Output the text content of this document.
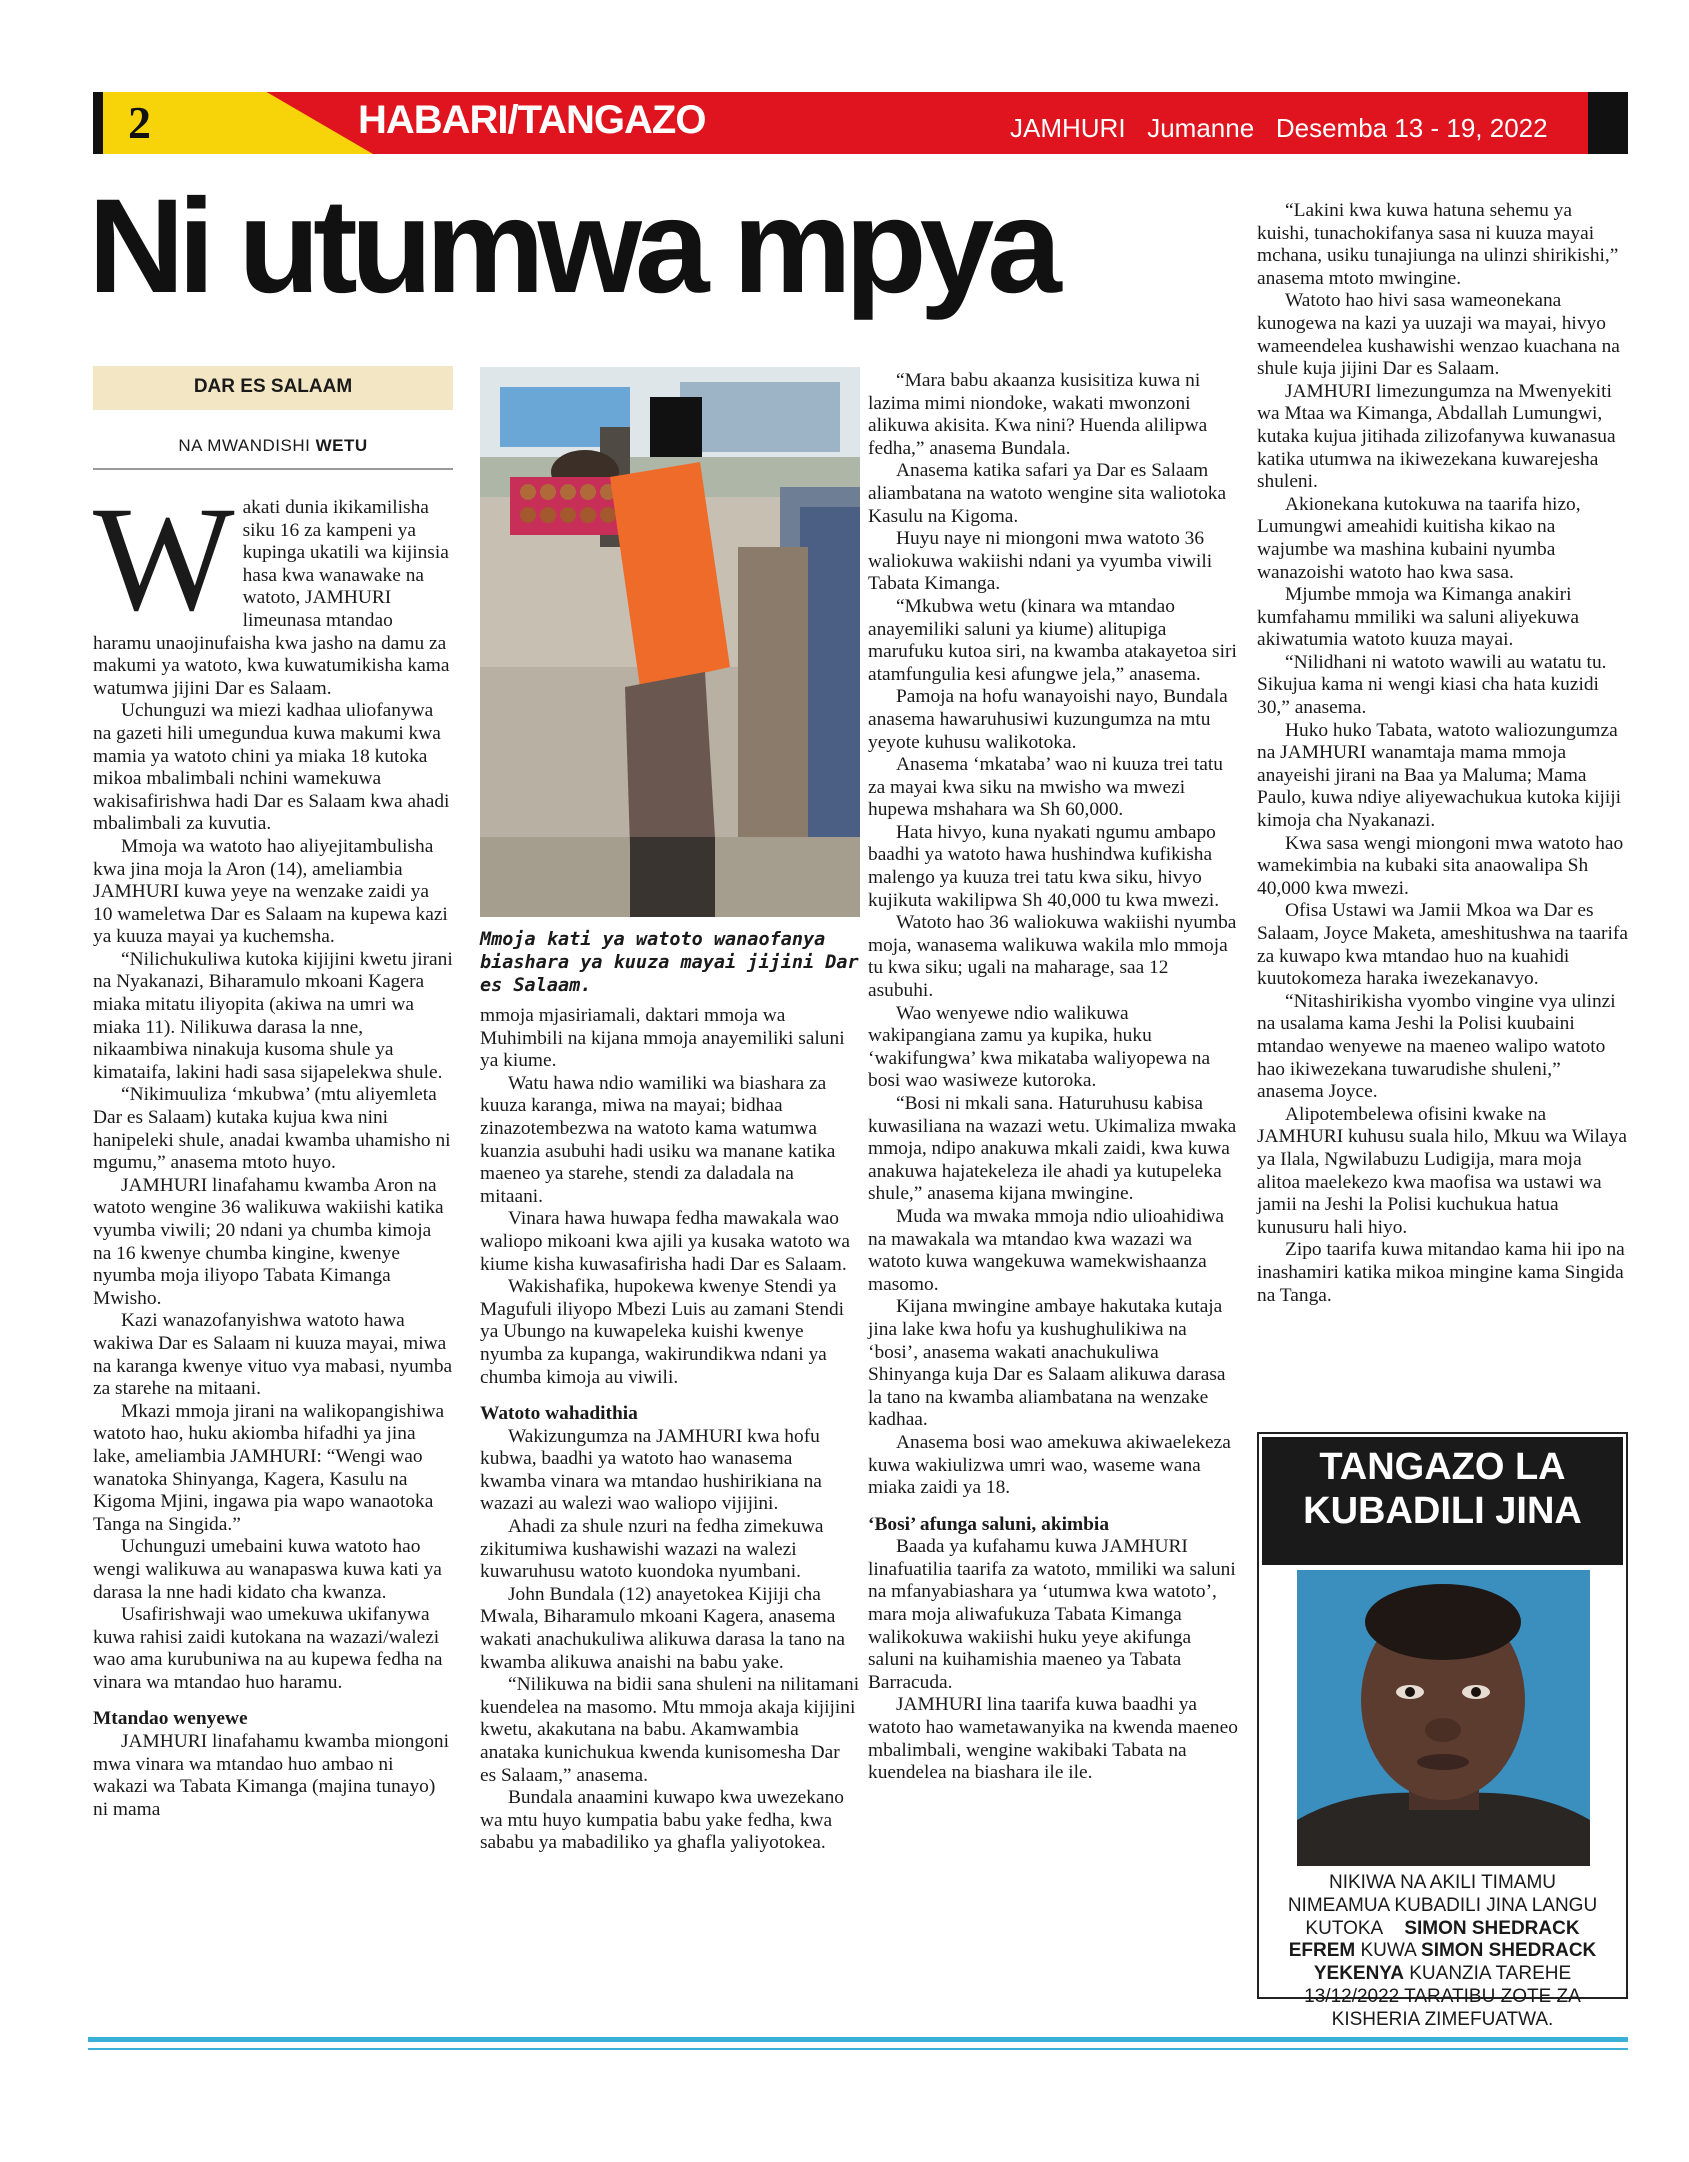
2	HABARI/TANGAZO	JAMHURI   Jumanne   Desemba 13 - 19, 2022
Ni utumwa mpya
DAR ES SALAAM
NA MWANDISHI WETU

Wakati dunia ikikamilisha siku 16 za kampeni ya kupinga ukatili wa kijinsia hasa kwa wanawake na watoto, JAMHURI limeunasa mtandao haramu unaojinufaisha kwa jasho na damu za makumi ya watoto, kwa kuwatumikisha kama watumwa jijini Dar es Salaam.

Uchunguzi wa miezi kadhaa uliofanywa na gazeti hili umegundua kuwa makumi kwa mamia ya watoto chini ya miaka 18 kutoka mikoa mbalimbali nchini wamekuwa wakisafirishwa hadi Dar es Salaam kwa ahadi mbalimbali za kuvutia.

Mmoja wa watoto hao aliyejitambulisha kwa jina moja la Aron (14), ameliambia JAMHURI kuwa yeye na wenzake zaidi ya 10 wameletwa Dar es Salaam na kupewa kazi ya kuuza mayai ya kuchemsha.

“Nilichukuliwa kutoka kijijini kwetu jirani na Nyakanazi, Biharamulo mkoani Kagera miaka mitatu iliyopita (akiwa na umri wa miaka 11). Nilikuwa darasa la nne, nikaambiwa ninakuja kusoma shule ya kimataifa, lakini hadi sasa sijapelekwa shule.

“Nikimuuliza ‘mkubwa’ (mtu aliyemleta Dar es Salaam) kutaka kujua kwa nini hanipeleki shule, anadai kwamba uhamisho ni mgumu,” anasema mtoto huyo.

JAMHURI linafahamu kwamba Aron na watoto wengine 36 walikuwa wakiishi katika vyumba viwili; 20 ndani ya chumba kimoja na 16 kwenye chumba kingine, kwenye nyumba moja iliyopo Tabata Kimanga Mwisho.

Kazi wanazofanyishwa watoto hawa wakiwa Dar es Salaam ni kuuza mayai, miwa na karanga kwenye vituo vya mabasi, nyumba za starehe na mitaani.

Mkazi mmoja jirani na walikopangishiwa watoto hao, huku akiomba hifadhi ya jina lake, ameliambia JAMHURI: “Wengi wao wanatoka Shinyanga, Kagera, Kasulu na Kigoma Mjini, ingawa pia wapo wanaotoka Tanga na Singida.”

Uchunguzi umebaini kuwa watoto hao wengi walikuwa au wanapaswa kuwa kati ya darasa la nne hadi kidato cha kwanza.

Usafirishwaji wao umekuwa ukifanywa kuwa rahisi zaidi kutokana na wazazi/walezi wao ama kurubuniwa na au kupewa fedha na vinara wa mtandao huo haramu.

Mtandao wenyewe

JAMHURI linafahamu kwamba miongoni mwa vinara wa mtandao huo ambao ni wakazi wa Tabata Kimanga (majina tunayo) ni mama

Mmoja kati ya watoto wanaofanya biashara ya kuuza mayai jijini Dar es Salaam.

mmoja mjasiriamali, daktari mmoja wa Muhimbili na kijana mmoja anayemiliki saluni ya kiume.

Watu hawa ndio wamiliki wa biashara za kuuza karanga, miwa na mayai; bidhaa zinazotembezwa na watoto kama watumwa kuanzia asubuhi hadi usiku wa manane katika maeneo ya starehe, stendi za daladala na mitaani.

Vinara hawa huwapa fedha mawakala wao waliopo mikoani kwa ajili ya kusaka watoto wa kiume kisha kuwasafirisha hadi Dar es Salaam.

Wakishafika, hupokewa kwenye Stendi ya Magufuli iliyopo Mbezi Luis au zamani Stendi ya Ubungo na kuwapeleka kuishi kwenye nyumba za kupanga, wakirundikwa ndani ya chumba kimoja au viwili.

Watoto wahadithia

Wakizungumza na JAMHURI kwa hofu kubwa, baadhi ya watoto hao wanasema kwamba vinara wa mtandao hushirikiana na wazazi au walezi wao waliopo vijijini.

Ahadi za shule nzuri na fedha zimekuwa zikitumiwa kushawishi wazazi na walezi kuwaruhusu watoto kuondoka nyumbani.

John Bundala (12) anayetokea Kijiji cha Mwala, Biharamulo mkoani Kagera, anasema wakati anachukuliwa alikuwa darasa la tano na kwamba alikuwa anaishi na babu yake.

“Nilikuwa na bidii sana shuleni na nilitamani kuendelea na masomo. Mtu mmoja akaja kijijini kwetu, akakutana na babu. Akamwambia anataka kunichukua kwenda kunisomesha Dar es Salaam,” anasema.

Bundala anaamini kuwapo kwa uwezekano wa mtu huyo kumpatia babu yake fedha, kwa sababu ya mabadiliko ya ghafla yaliyotokea.

“Mara babu akaanza kusisitiza kuwa ni lazima mimi niondoke, wakati mwonzoni alikuwa akisita. Kwa nini? Huenda alilipwa fedha,” anasema Bundala.

Anasema katika safari ya Dar es Salaam aliambatana na watoto wengine sita waliotoka Kasulu na Kigoma.

Huyu naye ni miongoni mwa watoto 36 waliokuwa wakiishi ndani ya vyumba viwili Tabata Kimanga.

“Mkubwa wetu (kinara wa mtandao anayemiliki saluni ya kiume) alitupiga marufuku kutoa siri, na kwamba atakayetoa siri atamfungulia kesi afungwe jela,” anasema.

Pamoja na hofu wanayoishi nayo, Bundala anasema hawaruhusiwi kuzungumza na mtu yeyote kuhusu walikotoka.

Anasema ‘mkataba’ wao ni kuuza trei tatu za mayai kwa siku na mwisho wa mwezi hupewa mshahara wa Sh 60,000.

Hata hivyo, kuna nyakati ngumu ambapo baadhi ya watoto hawa hushindwa kufikisha malengo ya kuuza trei tatu kwa siku, hivyo kujikuta wakilipwa Sh 40,000 tu kwa mwezi.

Watoto hao 36 waliokuwa wakiishi nyumba moja, wanasema walikuwa wakila mlo mmoja tu kwa siku; ugali na maharage, saa 12 asubuhi.

Wao wenyewe ndio walikuwa wakipangiana zamu ya kupika, huku ‘wakifungwa’ kwa mikataba waliyopewa na bosi wao wasiweze kutoroka.

“Bosi ni mkali sana. Haturuhusu kabisa kuwasiliana na wazazi wetu. Ukimaliza mwaka mmoja, ndipo anakuwa mkali zaidi, kwa kuwa anakuwa hajatekeleza ile ahadi ya kutupeleka shule,” anasema kijana mwingine.

Muda wa mwaka mmoja ndio ulioahidiwa na mawakala wa mtandao kwa wazazi wa watoto kuwa wangekuwa wamekwishaanza masomo.

Kijana mwingine ambaye hakutaka kutaja jina lake kwa hofu ya kushughulikiwa na ‘bosi’, anasema wakati anachukuliwa Shinyanga kuja Dar es Salaam alikuwa darasa la tano na kwamba aliambatana na wenzake kadhaa.

Anasema bosi wao amekuwa akiwaelekeza kuwa wakiulizwa umri wao, waseme wana miaka zaidi ya 18.

‘Bosi’ afunga saluni, akimbia

Baada ya kufahamu kuwa JAMHURI linafuatilia taarifa za watoto, mmiliki wa saluni na mfanyabiashara ya ‘utumwa kwa watoto’, mara moja aliwafukuza Tabata Kimanga walikokuwa wakiishi huku yeye akifunga saluni na kuihamishia maeneo ya Tabata Barracuda.

JAMHURI lina taarifa kuwa baadhi ya watoto hao wametawanyika na kwenda maeneo mbalimbali, wengine wakibaki Tabata na kuendelea na biashara ile ile.

“Lakini kwa kuwa hatuna sehemu ya kuishi, tunachokifanya sasa ni kuuza mayai mchana, usiku tunajiunga na ulinzi shirikishi,” anasema mtoto mwingine.

Watoto hao hivi sasa wameonekana kunogewa na kazi ya uuzaji wa mayai, hivyo wameendelea kushawishi wenzao kuachana na shule kuja jijini Dar es Salaam.

JAMHURI limezungumza na Mwenyekiti wa Mtaa wa Kimanga, Abdallah Lumungwi, kutaka kujua jitihada zilizofanywa kuwanasua katika utumwa na ikiwezekana kuwarejesha shuleni.

Akionekana kutokuwa na taarifa hizo, Lumungwi ameahidi kuitisha kikao na wajumbe wa mashina kubaini nyumba wanazoishi watoto hao kwa sasa.

Mjumbe mmoja wa Kimanga anakiri kumfahamu mmiliki wa saluni aliyekuwa akiwatumia watoto kuuza mayai.

“Nilidhani ni watoto wawili au watatu tu. Sikujua kama ni wengi kiasi cha hata kuzidi 30,” anasema.

Huko huko Tabata, watoto waliozungumza na JAMHURI wanamtaja mama mmoja anayeishi jirani na Baa ya Maluma; Mama Paulo, kuwa ndiye aliyewachukua kutoka kijiji kimoja cha Nyakanazi.

Kwa sasa wengi miongoni mwa watoto hao wamekimbia na kubaki sita anaowalipa Sh 40,000 kwa mwezi.

Ofisa Ustawi wa Jamii Mkoa wa Dar es Salaam, Joyce Maketa, ameshitushwa na taarifa za kuwapo kwa mtandao huo na kuahidi kuutokomeza haraka iwezekanavyo.

“Nitashirikisha vyombo vingine vya ulinzi na usalama kama Jeshi la Polisi kuubaini mtandao wenyewe na maeneo walipo watoto hao ikiwezekana tuwarudishe shuleni,” anasema Joyce.

Alipotembelewa ofisini kwake na JAMHURI kuhusu suala hilo, Mkuu wa Wilaya ya Ilala, Ngwilabuzu Ludigija, mara moja alitoa maelekezo kwa maofisa wa ustawi wa jamii na Jeshi la Polisi kuchukua hatua kunusuru hali hiyo.

Zipo taarifa kuwa mitandao kama hii ipo na inashamiri katika mikoa mingine kama Singida na Tanga.

TANGAZO LA
KUBADILI JINA
NIKIWA NA AKILI TIMAMU
NIMEAMUA KUBADILI JINA LANGU
KUTOKA SIMON SHEDRACK
EFREM KUWA SIMON SHEDRACK
YEKENYA KUANZIA TAREHE
13/12/2022 TARATIBU ZOTE ZA
KISHERIA ZIMEFUATWA.
